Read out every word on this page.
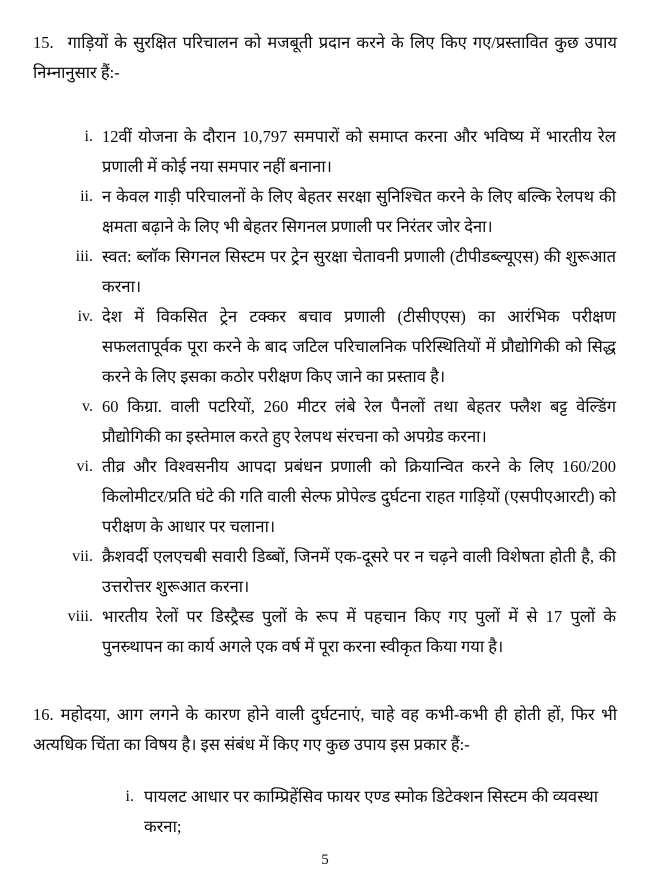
15. गाड़ियों के सुरक्षित परिचालन को मजबूती प्रदान करने के लिए किए गए/प्रस्तावित कुछ उपाय निम्नानुसार हैं:-
i. 12वीं योजना के दौरान 10,797 समपारों को समाप्त करना और भविष्य में भारतीय रेल प्रणाली में कोई नया समपार नहीं बनाना।
ii. न केवल गाड़ी परिचालनों के लिए बेहतर सरक्षा सुनिश्चित करने के लिए बल्कि रेलपथ की क्षमता बढ़ाने के लिए भी बेहतर सिगनल प्रणाली पर निरंतर जोर देना।
iii. स्वत: ब्लॉक सिगनल सिस्टम पर ट्रेन सुरक्षा चेतावनी प्रणाली (टीपीडब्ल्यूएस) की शुरूआत करना।
iv. देश में विकसित ट्रेन टक्कर बचाव प्रणाली (टीसीएएस) का आरंभिक परीक्षण सफलतापूर्वक पूरा करने के बाद जटिल परिचालनिक परिस्थितियों में प्रौद्योगिकी को सिद्ध करने के लिए इसका कठोर परीक्षण किए जाने का प्रस्ताव है।
v. 60 किग्रा. वाली पटरियों, 260 मीटर लंबे रेल पैनलों तथा बेहतर फ्लैश बट्ट वेल्डिंग प्रौद्योगिकी का इस्तेमाल करते हुए रेलपथ संरचना को अपग्रेड करना।
vi. तीव्र और विश्वसनीय आपदा प्रबंधन प्रणाली को क्रियान्वित करने के लिए 160/200 किलोमीटर/प्रति घंटे की गति वाली सेल्फ प्रोपेल्ड दुर्घटना राहत गाड़ियों (एसपीएआरटी) को परीक्षण के आधार पर चलाना।
vii. क्रैशवर्दी एलएचबी सवारी डिब्बों, जिनमें एक-दूसरे पर न चढ़ने वाली विशेषता होती है, की उत्तरोत्तर शुरूआत करना।
viii. भारतीय रेलों पर डिस्ट्रैस्ड पुलों के रूप में पहचान किए गए पुलों में से 17 पुलों के पुनस्र्थापन का कार्य अगले एक वर्ष में पूरा करना स्वीकृत किया गया है।
16. महोदया, आग लगने के कारण होने वाली दुर्घटनाएं, चाहे वह कभी-कभी ही होती हों, फिर भी अत्यधिक चिंता का विषय है। इस संबंध में किए गए कुछ उपाय इस प्रकार हैं:-
i. पायलट आधार पर काम्प्रिहेंसिव फायर एण्ड स्मोक डिटेक्शन सिस्टम की व्यवस्था करना;
5
